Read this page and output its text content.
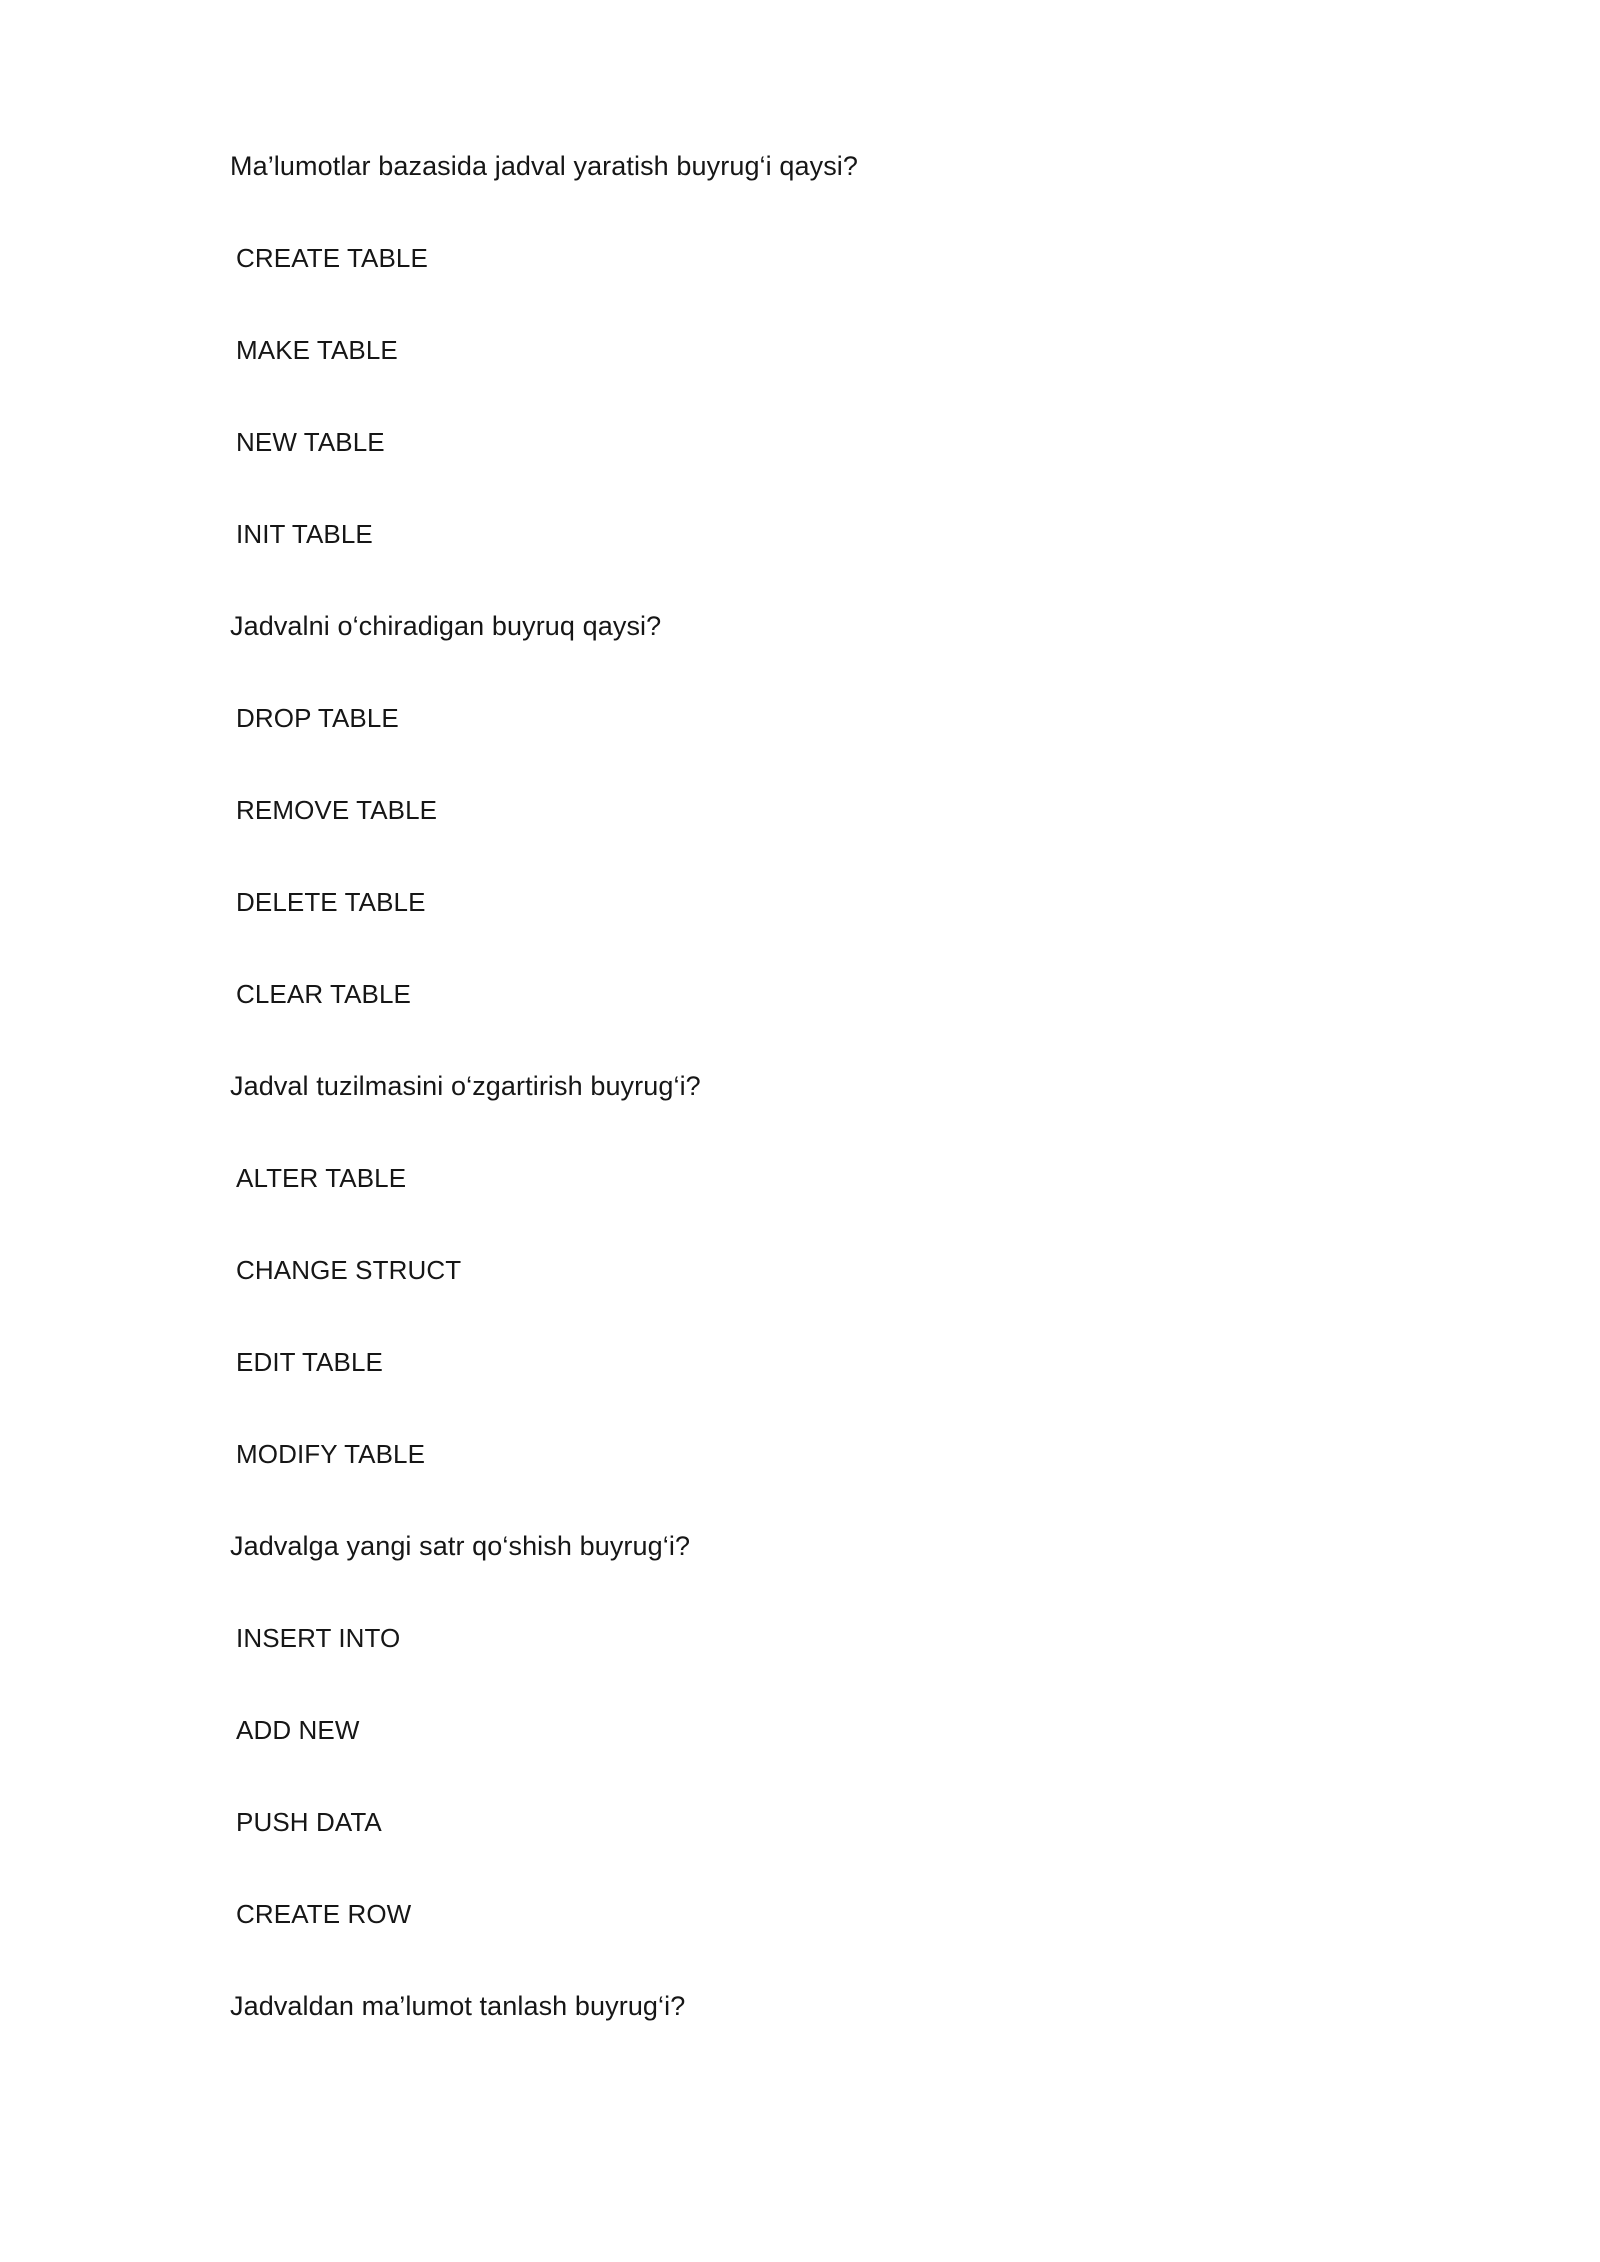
Ma’lumotlar bazasida jadval yaratish buyrug‘i qaysi?

CREATE TABLE

MAKE TABLE

NEW TABLE

INIT TABLE

Jadvalni o‘chiradigan buyruq qaysi?

DROP TABLE

REMOVE TABLE

DELETE TABLE

CLEAR TABLE

Jadval tuzilmasini o‘zgartirish buyrug‘i?

ALTER TABLE

CHANGE STRUCT

EDIT TABLE

MODIFY TABLE

Jadvalga yangi satr qo‘shish buyrug‘i?

INSERT INTO

ADD NEW

PUSH DATA

CREATE ROW

Jadvaldan ma’lumot tanlash buyrug‘i?
